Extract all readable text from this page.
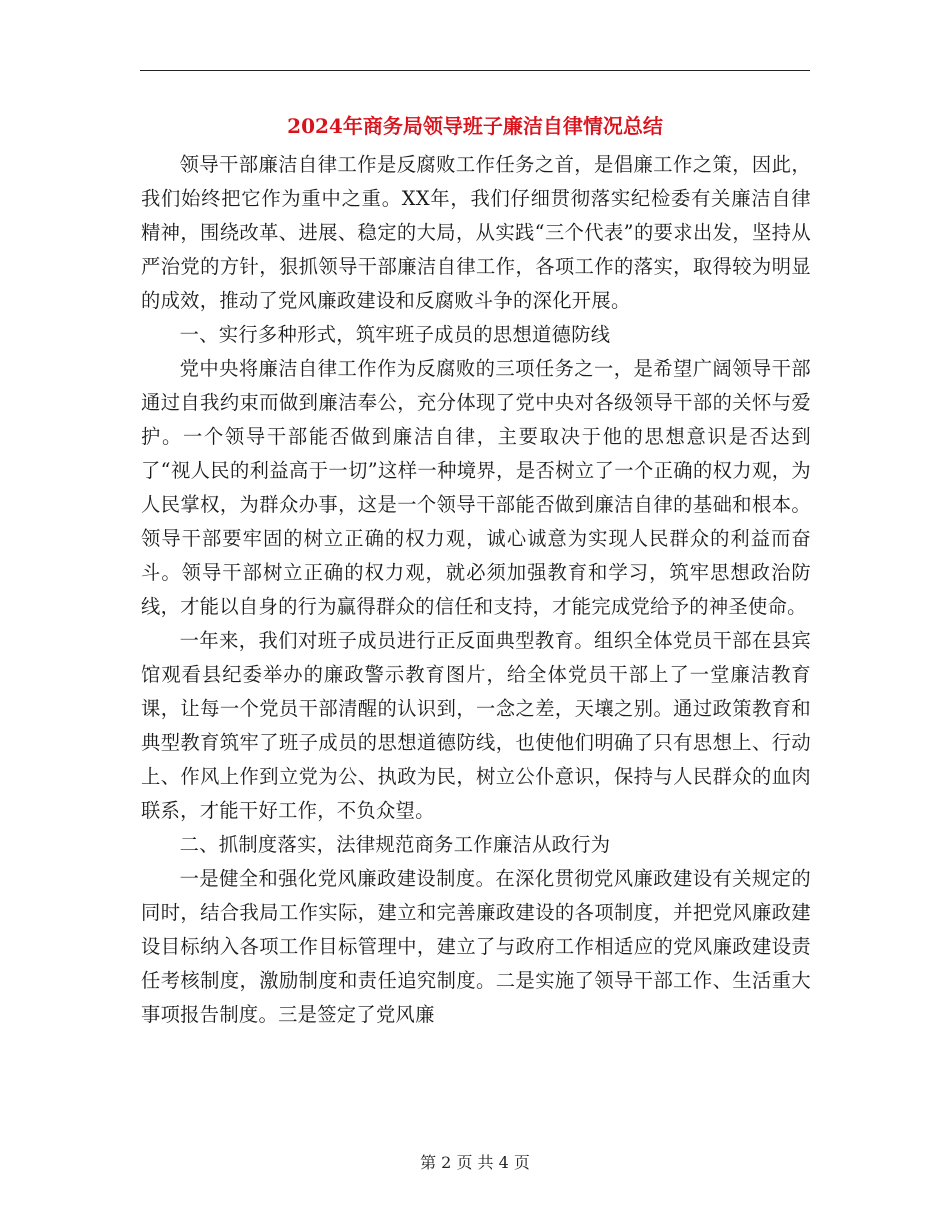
2024年商务局领导班子廉洁自律情况总结

领导干部廉洁自律工作是反腐败工作任务之首，是倡廉工作之策，因此，我们始终把它作为重中之重。XX年，我们仔细贯彻落实纪检委有关廉洁自律精神，围绕改革、进展、稳定的大局，从实践“三个代表”的要求出发，坚持从严治党的方针，狠抓领导干部廉洁自律工作，各项工作的落实，取得较为明显的成效，推动了党风廉政建设和反腐败斗争的深化开展。

一、实行多种形式，筑牢班子成员的思想道德防线

党中央将廉洁自律工作作为反腐败的三项任务之一，是希望广阔领导干部通过自我约束而做到廉洁奉公，充分体现了党中央对各级领导干部的关怀与爱护。一个领导干部能否做到廉洁自律，主要取决于他的思想意识是否达到了“视人民的利益高于一切”这样一种境界，是否树立了一个正确的权力观，为人民掌权，为群众办事，这是一个领导干部能否做到廉洁自律的基础和根本。领导干部要牢固的树立正确的权力观，诚心诚意为实现人民群众的利益而奋斗。领导干部树立正确的权力观，就必须加强教育和学习，筑牢思想政治防线，才能以自身的行为赢得群众的信任和支持，才能完成党给予的神圣使命。

一年来，我们对班子成员进行正反面典型教育。组织全体党员干部在县宾馆观看县纪委举办的廉政警示教育图片，给全体党员干部上了一堂廉洁教育课，让每一个党员干部清醒的认识到，一念之差，天壤之别。通过政策教育和典型教育筑牢了班子成员的思想道德防线，也使他们明确了只有思想上、行动上、作风上作到立党为公、执政为民，树立公仆意识，保持与人民群众的血肉联系，才能干好工作，不负众望。

二、抓制度落实，法律规范商务工作廉洁从政行为

一是健全和强化党风廉政建设制度。在深化贯彻党风廉政建设有关规定的同时，结合我局工作实际，建立和完善廉政建设的各项制度，并把党风廉政建设目标纳入各项工作目标管理中，建立了与政府工作相适应的党风廉政建设责任考核制度，激励制度和责任追究制度。二是实施了领导干部工作、生活重大事项报告制度。三是签定了党风廉

第 2 页 共 4 页
